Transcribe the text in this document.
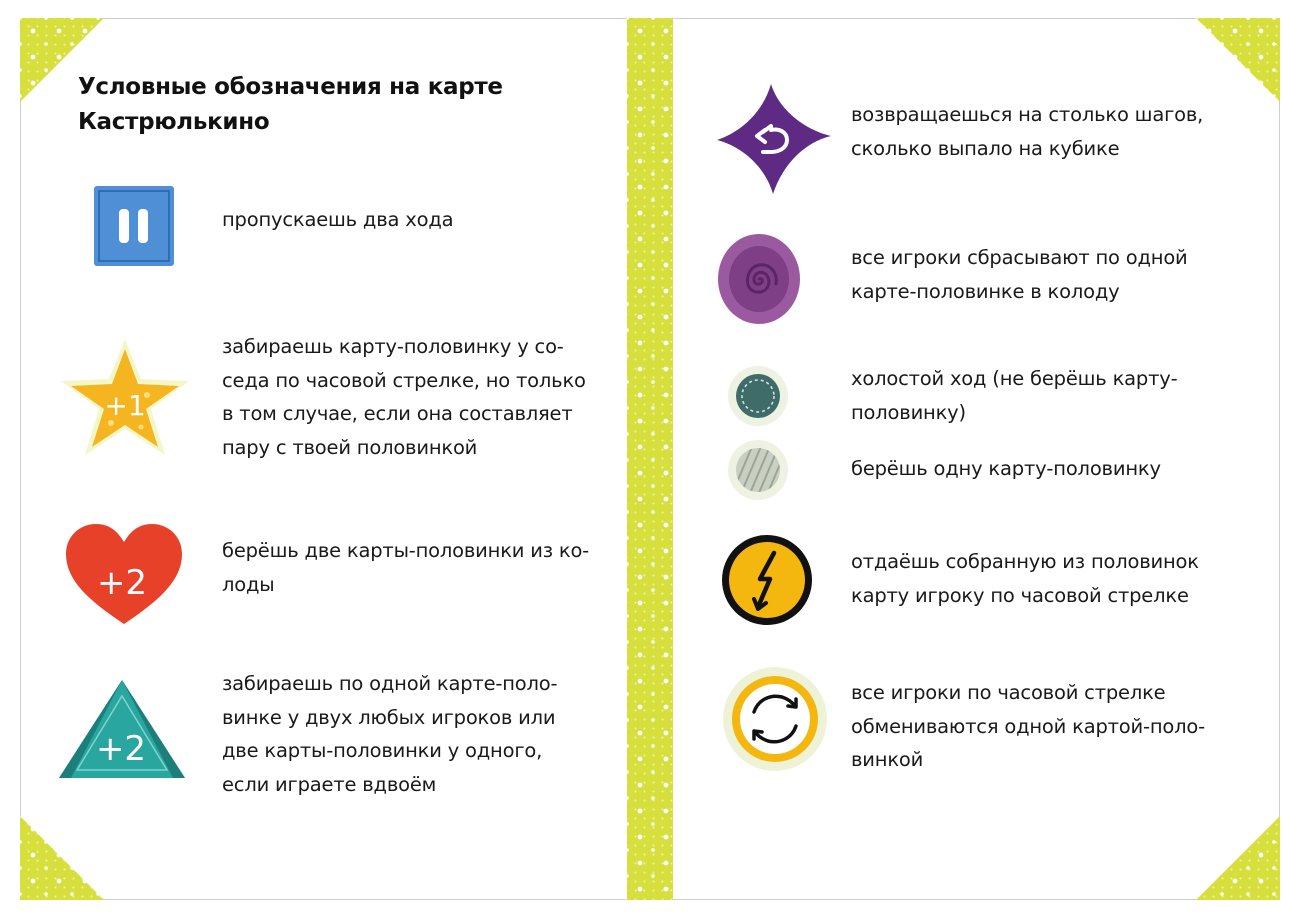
Условные обозначения на карте
Кастрюлькино
пропускаешь два хода
+1
забираешь карту-половинку у со-
седа по часовой стрелке, но только
в том случае, если она составляет
пару с твоей половинкой
+2
берёшь две карты-половинки из ко-
лоды
+2
забираешь по одной карте-поло-
винке у двух любых игроков или
две карты-половинки у одного,
если играете вдвоём
возвращаешься на столько шагов,
сколько выпало на кубике
все игроки сбрасывают по одной
карте-половинке в колоду
холостой ход (не берёшь карту-
половинку)
берёшь одну карту-половинку
отдаёшь собранную из половинок
карту игроку по часовой стрелке
все игроки по часовой стрелке
обмениваются одной картой-поло-
винкой
